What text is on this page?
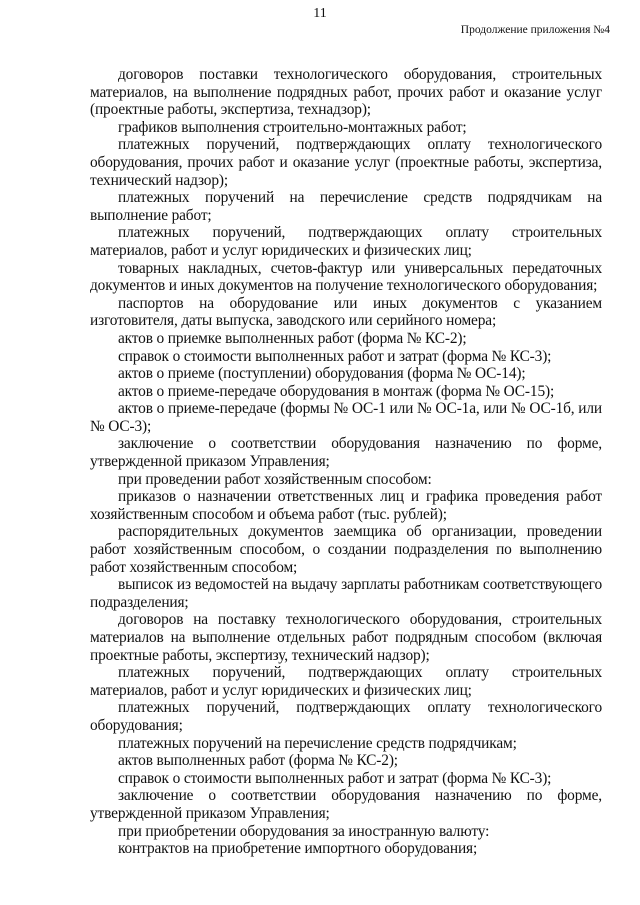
11
Продолжение приложения №4

договоров поставки технологического оборудования, строительных материалов, на выполнение подрядных работ, прочих работ и оказание услуг (проектные работы, экспертиза, технадзор);

графиков выполнения строительно-монтажных работ;

платежных поручений, подтверждающих оплату технологического оборудования, прочих работ и оказание услуг (проектные работы, экспертиза, технический надзор);

платежных поручений на перечисление средств подрядчикам на выполнение работ;

платежных поручений, подтверждающих оплату строительных материалов, работ и услуг юридических и физических лиц;

товарных накладных, счетов-фактур или универсальных передаточных документов и иных документов на получение технологического оборудования;

паспортов на оборудование или иных документов с указанием изготовителя, даты выпуска, заводского или серийного номера;

актов о приемке выполненных работ (форма № КС-2);

справок о стоимости выполненных работ и затрат (форма № КС-3);

актов о приеме (поступлении) оборудования (форма № ОС-14);

актов о приеме-передаче оборудования в монтаж (форма № ОС-15);

актов о приеме-передаче (формы № ОС-1 или № ОС-1а, или № ОС-1б, или № ОС-3);

заключение о соответствии оборудования назначению по форме, утвержденной приказом Управления;

при проведении работ хозяйственным способом:

приказов о назначении ответственных лиц и графика проведения работ хозяйственным способом и объема работ (тыс. рублей);

распорядительных документов заемщика об организации, проведении работ хозяйственным способом, о создании подразделения по выполнению работ хозяйственным способом;

выписок из ведомостей на выдачу зарплаты работникам соответствующего подразделения;

договоров на поставку технологического оборудования, строительных материалов на выполнение отдельных работ подрядным способом (включая проектные работы, экспертизу, технический надзор);

платежных поручений, подтверждающих оплату строительных материалов, работ и услуг юридических и физических лиц;

платежных поручений, подтверждающих оплату технологического оборудования;

платежных поручений на перечисление средств подрядчикам;

актов выполненных работ (форма № КС-2);

справок о стоимости выполненных работ и затрат (форма № КС-3);

заключение о соответствии оборудования назначению по форме, утвержденной приказом Управления;

при приобретении оборудования за иностранную валюту:

контрактов на приобретение импортного оборудования;
